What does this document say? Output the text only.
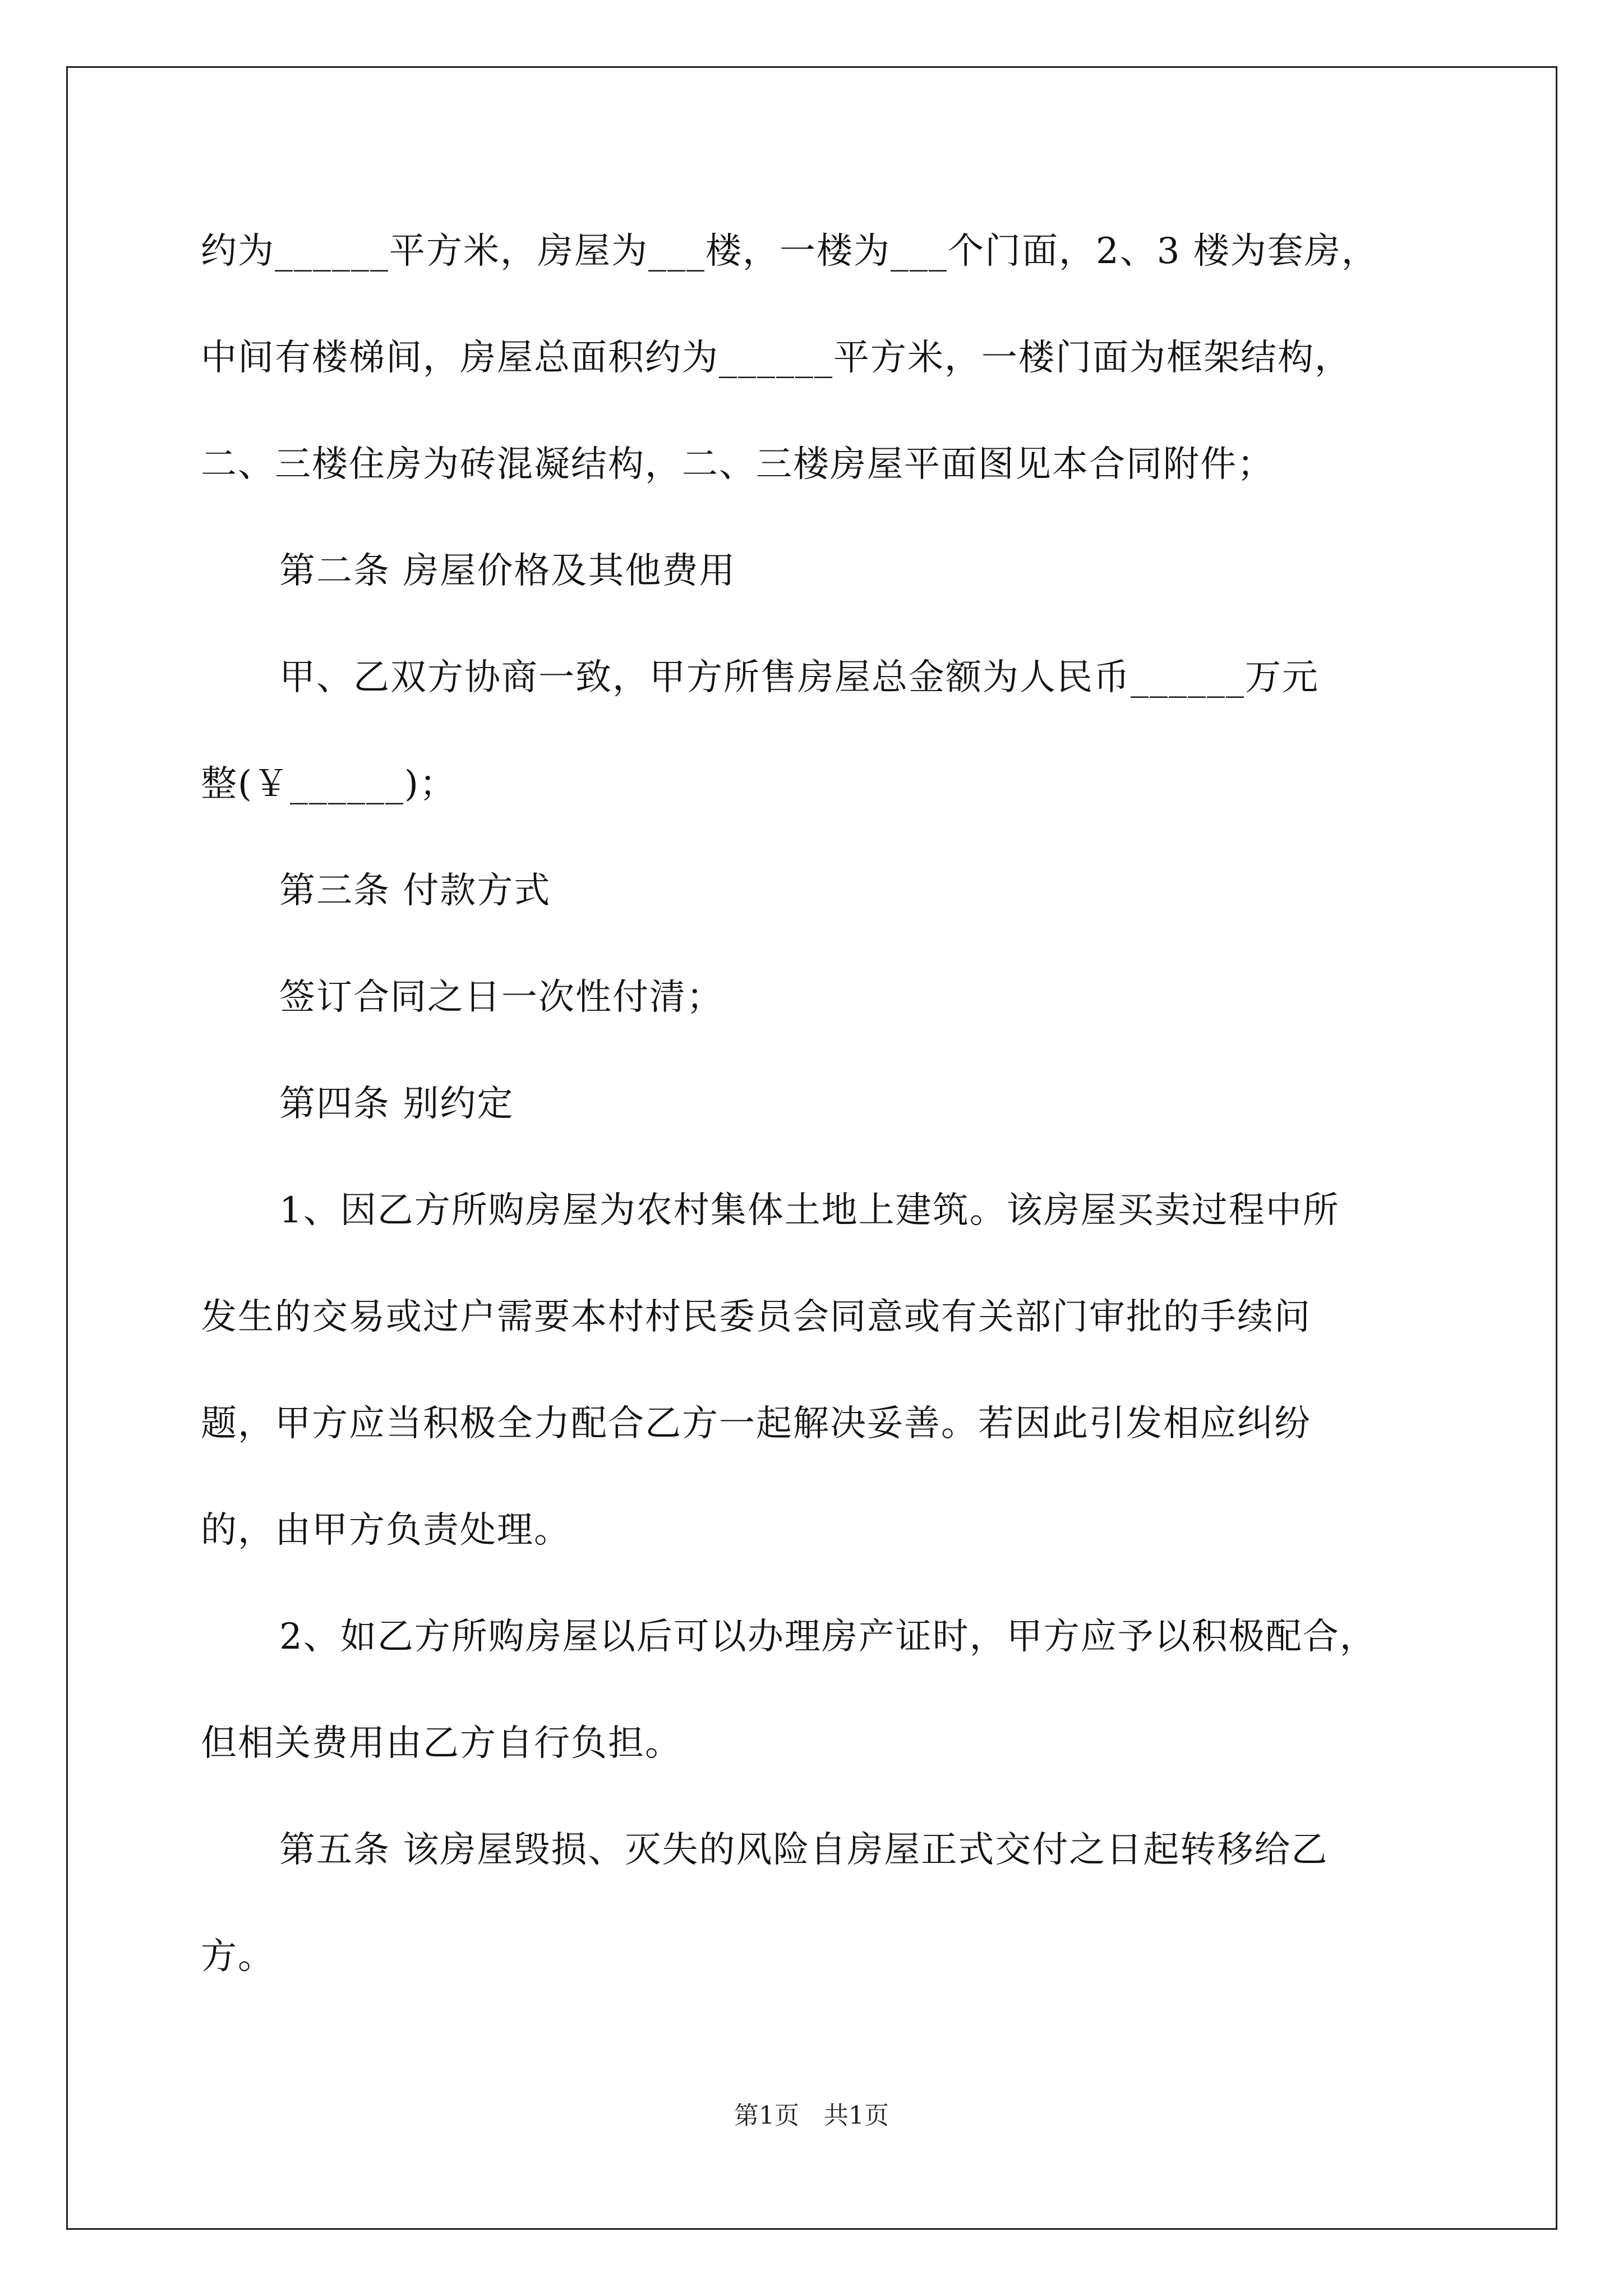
约为______平方米，房屋为___楼，一楼为___个门面，2、3 楼为套房，
中间有楼梯间，房屋总面积约为______平方米，一楼门面为框架结构，
二、三楼住房为砖混凝结构，二、三楼房屋平面图见本合同附件；
第二条 房屋价格及其他费用
甲、乙双方协商一致，甲方所售房屋总金额为人民币______万元
整(￥______)；
第三条 付款方式
签订合同之日一次性付清；
第四条 别约定
1、因乙方所购房屋为农村集体土地上建筑。该房屋买卖过程中所
发生的交易或过户需要本村村民委员会同意或有关部门审批的手续问
题，甲方应当积极全力配合乙方一起解决妥善。若因此引发相应纠纷
的，由甲方负责处理。
2、如乙方所购房屋以后可以办理房产证时，甲方应予以积极配合，
但相关费用由乙方自行负担。
第五条 该房屋毁损、灭失的风险自房屋正式交付之日起转移给乙
方。
第1页　共1页
